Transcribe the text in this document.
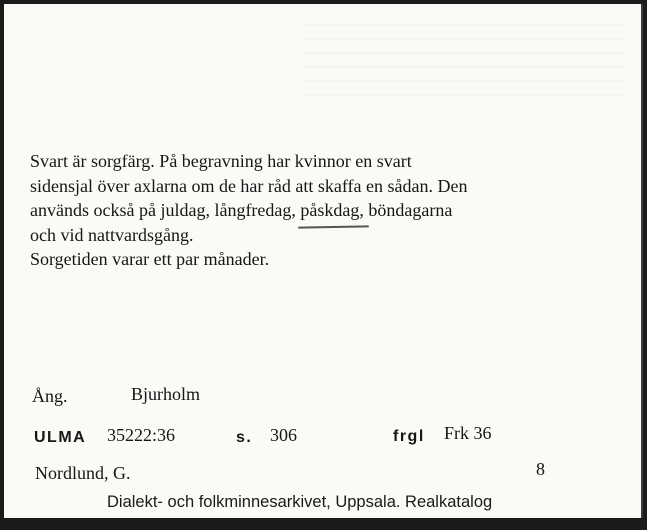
Svart är sorgfärg. På begravning har kvinnor en svart
sidensjal över axlarna om de har råd att skaffa en sådan. Den
används också på juldag, långfredag, påskdag, böndagarna
och vid nattvardsgång.
Sorgetiden varar ett par månader.

Ång.	Bjurholm
ULMA 35222:36	s. 306	frgl Frk 36
Nordlund, G.	8
Dialekt- och folkminnesarkivet, Uppsala. Realkatalog
